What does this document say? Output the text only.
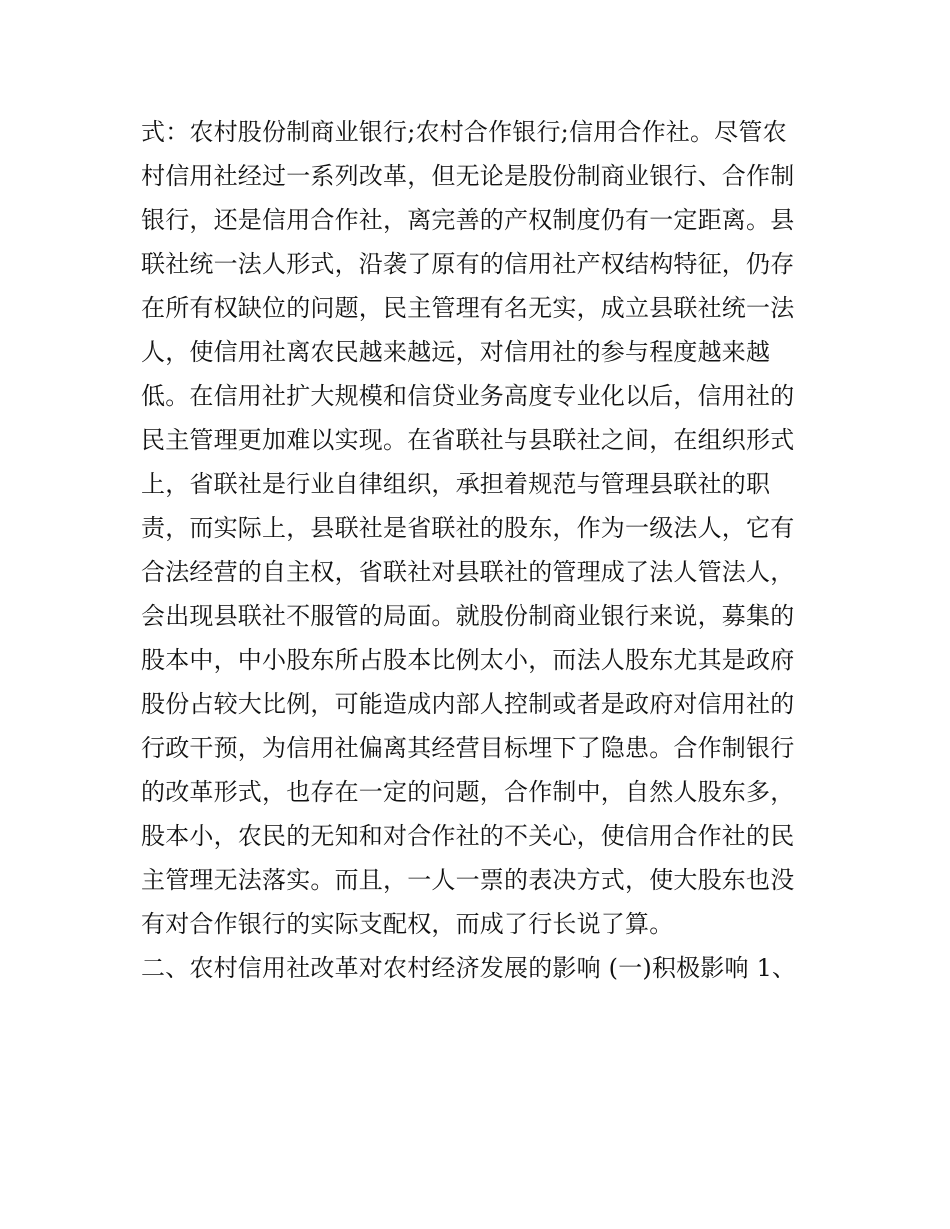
式：农村股份制商业银行;农村合作银行;信用合作社。尽管农
村信用社经过一系列改革，但无论是股份制商业银行、合作制
银行，还是信用合作社，离完善的产权制度仍有一定距离。县
联社统一法人形式，沿袭了原有的信用社产权结构特征，仍存
在所有权缺位的问题，民主管理有名无实，成立县联社统一法
人，使信用社离农民越来越远，对信用社的参与程度越来越
低。在信用社扩大规模和信贷业务高度专业化以后，信用社的
民主管理更加难以实现。在省联社与县联社之间，在组织形式
上，省联社是行业自律组织，承担着规范与管理县联社的职
责，而实际上，县联社是省联社的股东，作为一级法人，它有
合法经营的自主权，省联社对县联社的管理成了法人管法人，
会出现县联社不服管的局面。就股份制商业银行来说，募集的
股本中，中小股东所占股本比例太小，而法人股东尤其是政府
股份占较大比例，可能造成内部人控制或者是政府对信用社的
行政干预，为信用社偏离其经营目标埋下了隐患。合作制银行
的改革形式，也存在一定的问题，合作制中，自然人股东多，
股本小，农民的无知和对合作社的不关心，使信用合作社的民
主管理无法落实。而且，一人一票的表决方式，使大股东也没
有对合作银行的实际支配权，而成了行长说了算。
二、农村信用社改革对农村经济发展的影响 (一)积极影响 1、
